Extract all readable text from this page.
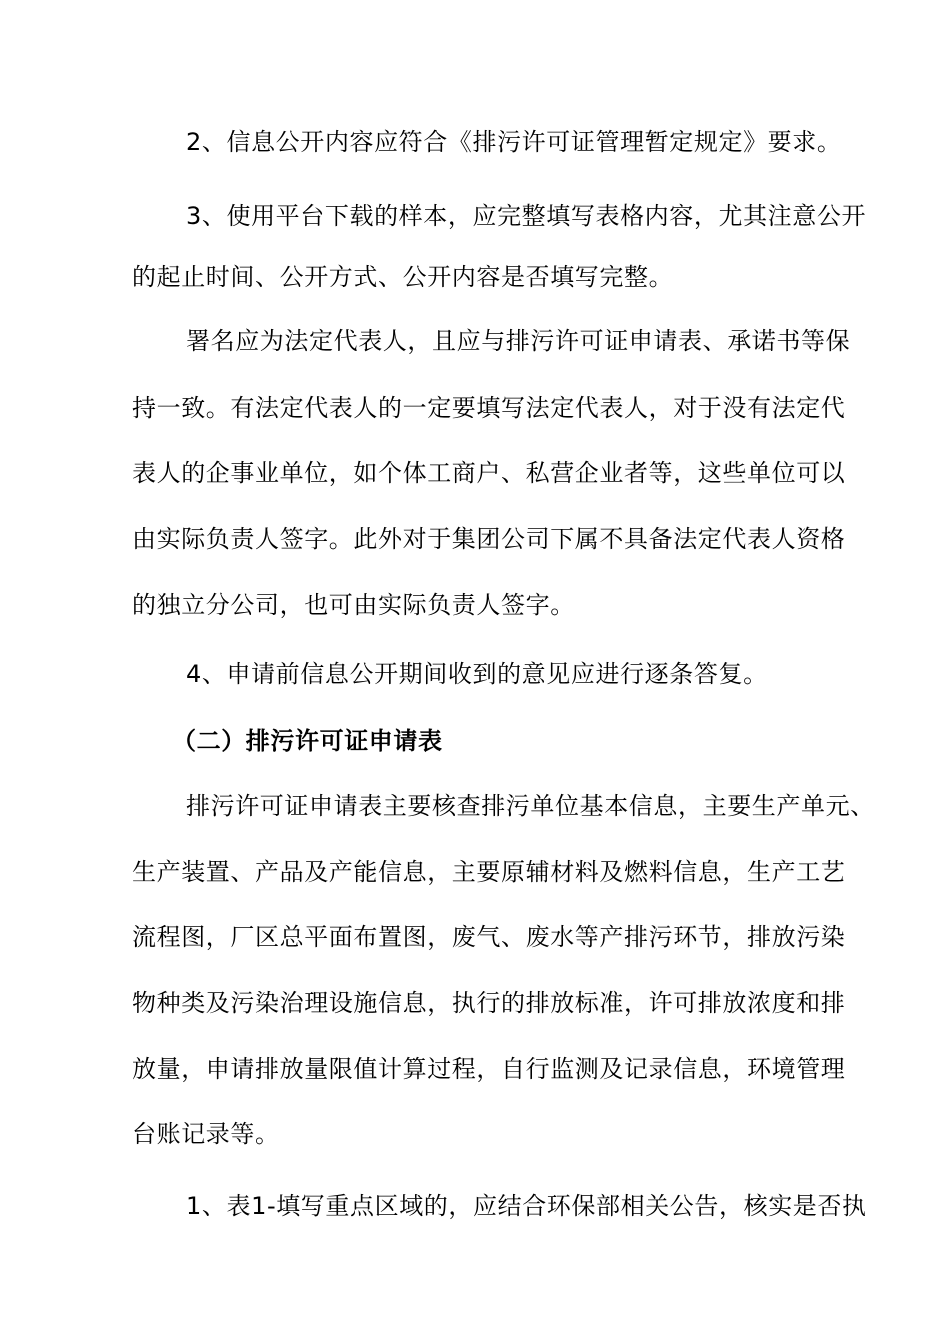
2、信息公开内容应符合《排污许可证管理暂定规定》要求。
3、使用平台下载的样本，应完整填写表格内容，尤其注意公开
的起止时间、公开方式、公开内容是否填写完整。
署名应为法定代表人，且应与排污许可证申请表、承诺书等保
持一致。有法定代表人的一定要填写法定代表人，对于没有法定代
表人的企事业单位，如个体工商户、私营企业者等，这些单位可以
由实际负责人签字。此外对于集团公司下属不具备法定代表人资格
的独立分公司，也可由实际负责人签字。
4、申请前信息公开期间收到的意见应进行逐条答复。
（二）排污许可证申请表
排污许可证申请表主要核查排污单位基本信息，主要生产单元、
生产装置、产品及产能信息，主要原辅材料及燃料信息，生产工艺
流程图，厂区总平面布置图，废气、废水等产排污环节，排放污染
物种类及污染治理设施信息，执行的排放标准，许可排放浓度和排
放量，申请排放量限值计算过程，自行监测及记录信息，环境管理
台账记录等。
1、表1-填写重点区域的，应结合环保部相关公告，核实是否执
